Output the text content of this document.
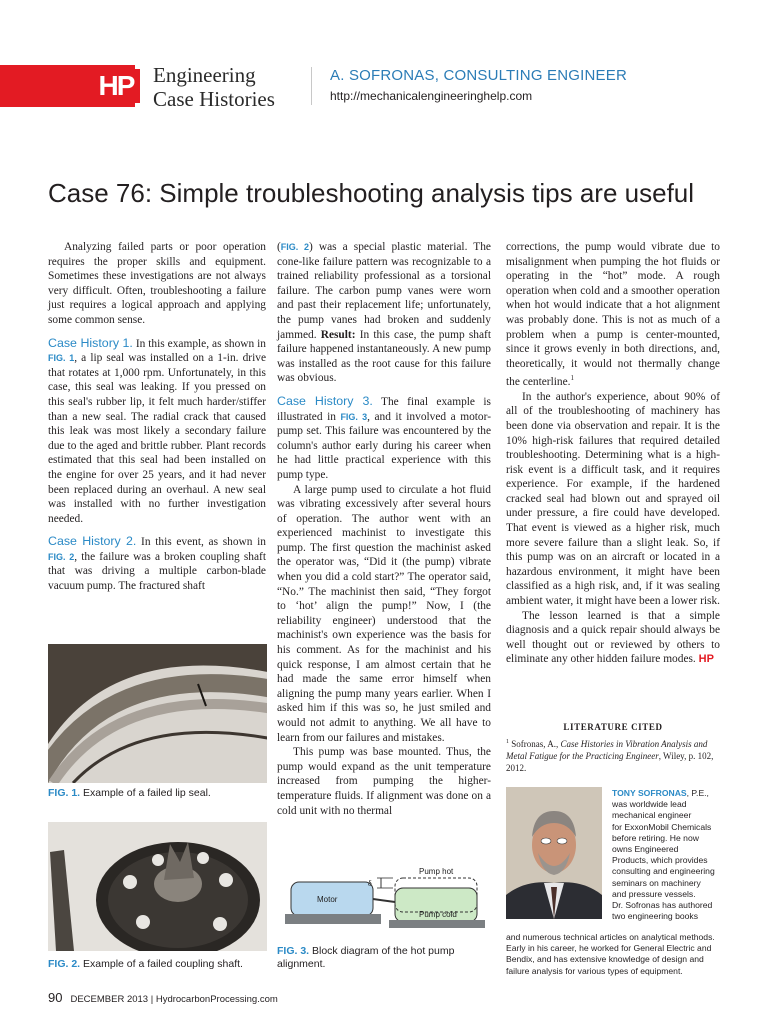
HP Engineering
Case Histories
A. SOFRONAS, CONSULTING ENGINEER
http://mechanicalengineeringhelp.com
Case 76: Simple troubleshooting analysis tips are useful

Analyzing failed parts or poor operation requires the proper skills and equipment. Sometimes these investigations are not always very difficult. Often, troubleshooting a failure just requires a logical approach and applying some common sense.

Case History 1. In this example, as shown in FIG. 1, a lip seal was installed on a 1-in. drive that rotates at 1,000 rpm. Unfortunately, in this case, this seal was leaking. If you pressed on this seal's rubber lip, it felt much harder/stiffer than a new seal. The radial crack that caused this leak was most likely a secondary failure due to the aged and brittle rubber. Plant records estimated that this seal had been installed on the engine for over 25 years, and it had never been replaced during an overhaul. A new seal was installed with no further investigation needed.

Case History 2. In this event, as shown in FIG. 2, the failure was a broken coupling shaft that was driving a multiple carbon-blade vacuum pump. The fractured shaft

FIG. 1. Example of a failed lip seal.
FIG. 2. Example of a failed coupling shaft.

(FIG. 2) was a special plastic material. The cone-like failure pattern was recognizable to a trained reliability professional as a torsional failure. The carbon pump vanes were worn and past their replacement life; unfortunately, the pump vanes had broken and suddenly jammed. Result: In this case, the pump shaft failure happened instantaneously. A new pump was installed as the root cause for this failure was obvious.

Case History 3. The final example is illustrated in FIG. 3, and it involved a motor-pump set. This failure was encountered by the column's author early during his career when he had little practical experience with this pump type.

A large pump used to circulate a hot fluid was vibrating excessively after several hours of operation. The author went with an experienced machinist to investigate this pump. The first question the machinist asked the operator was, “Did it (the pump) vibrate when you did a cold start?” The operator said, “No.” The machinist then said, “They forgot to ‘hot’ align the pump!” Now, I (the reliability engineer) understood that the machinist's own experience was the basis for his comment. As for the machinist and his quick response, I am almost certain that he had made the same error himself when aligning the pump many years earlier. When I asked him if this was so, he just smiled and would not admit to anything. We all have to learn from our failures and mistakes.

This pump was base mounted. Thus, the pump would expand as the unit temperature increased from pumping the higher-temperature fluids. If alignment was done on a cold unit with no thermal

Motor
Pump hot
Pump cold
δ
FIG. 3. Block diagram of the hot pump alignment.

corrections, the pump would vibrate due to misalignment when pumping the hot fluids or operating in the “hot” mode. A rough operation when cold and a smoother operation when hot would indicate that a hot alignment was probably done. This is not as much of a problem when a pump is center-mounted, since it grows evenly in both directions, and, theoretically, it would not thermally change the centerline.$^1$

In the author's experience, about 90% of all of the troubleshooting of machinery has been done via observation and repair. It is the 10% high-risk failures that required detailed troubleshooting. Determining what is a high-risk event is a difficult task, and it requires experience. For example, if the hardened cracked seal had blown out and sprayed oil under pressure, a fire could have developed. That event is viewed as a higher risk, much more severe failure than a slight leak. So, if this pump was on an aircraft or located in a hazardous environment, it might have been classified as a high risk, and, if it was sealing ambient water, it might have been a lower risk.

The lesson learned is that a simple diagnosis and a quick repair should always be well thought out or reviewed by others to eliminate any other hidden failure modes. HP

LITERATURE CITED
$^1$ Sofronas, A., Case Histories in Vibration Analysis and Metal Fatigue for the Practicing Engineer, Wiley, p. 102, 2012.
TONY SOFRONAS, P.E.,
was worldwide lead
mechanical engineer
for ExxonMobil Chemicals
before retiring. He now
owns Engineered
Products, which provides
consulting and engineering
seminars on machinery
and pressure vessels.
Dr. Sofronas has authored
two engineering books
and numerous technical articles on analytical methods.
Early in his career, he worked for General Electric and
Bendix, and has extensive knowledge of design and
failure analysis for various types of equipment.
90 DECEMBER 2013 | HydrocarbonProcessing.com
